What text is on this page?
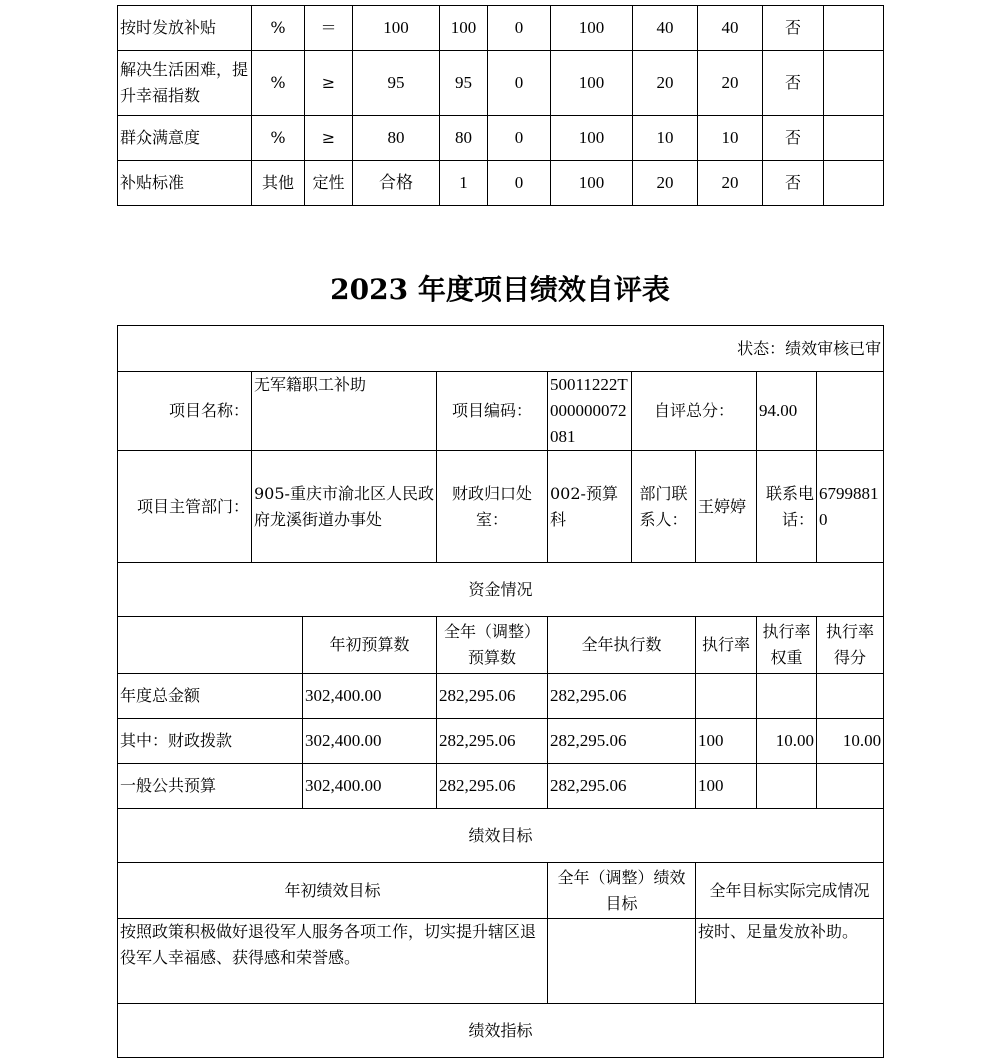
按时发放补贴	%	＝	100	100	0	100	40	40	否	
解决生活困难，提升幸福指数	%	≥	95	95	0	100	20	20	否	
群众满意度	%	≥	80	80	0	100	10	10	否	
补贴标准	其他	定性	合格	1	0	100	20	20	否	
2023 年度项目绩效自评表
状态：绩效审核已审								
项目名称：	无军籍职工补助		项目编码：	50011222T000000072081	自评总分：		94.00	
项目主管部门：	905-重庆市渝北区人民政府龙溪街道办事处		财政归口处室：	002-预算科	部门联系人：	王婷婷	联系电话：	67998810
资金情况								
		年初预算数	全年（调整）预算数	全年执行数		执行率	执行率权重	执行率得分
年度总金额		302,400.00	282,295.06	282,295.06				
其中：财政拨款		302,400.00	282,295.06	282,295.06		100	10.00	10.00
一般公共预算		302,400.00	282,295.06	282,295.06		100		
绩效目标								
年初绩效目标				全年（调整）绩效目标		全年目标实际完成情况		
按照政策积极做好退役军人服务各项工作，切实提升辖区退役军人幸福感、获得感和荣誉感。						按时、足量发放补助。		
绩效指标								
